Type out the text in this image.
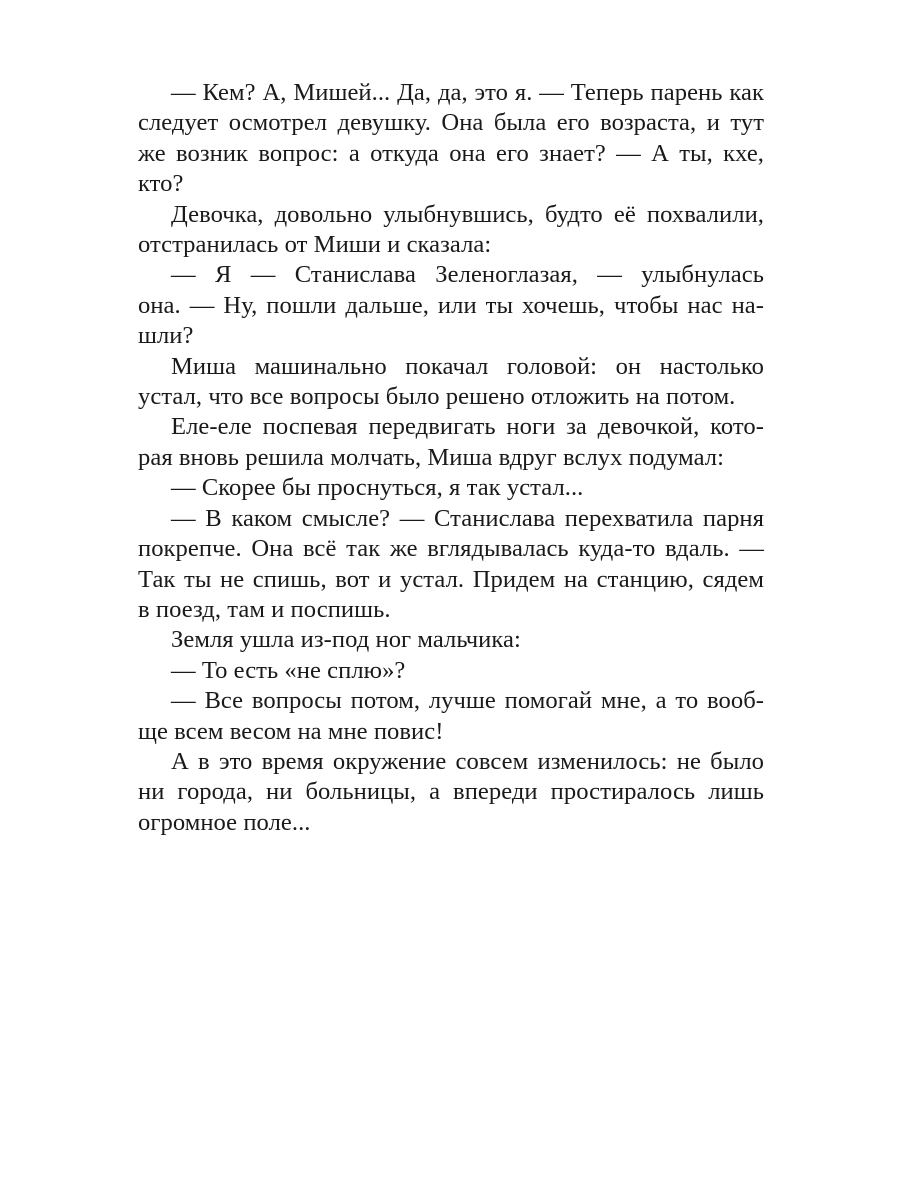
— Кем? А, Мишей... Да, да, это я. — Теперь парень как
следует осмотрел девушку. Она была его возраста, и тут
же возник вопрос: а откуда она его знает? — А ты, кхе,
кто?
Девочка, довольно улыбнувшись, будто её похвалили,
отстранилась от Миши и сказала:
— Я — Станислава Зеленоглазая, — улыбнулась
она. — Ну, пошли дальше, или ты хочешь, чтобы нас на-
шли?
Миша машинально покачал головой: он настолько
устал, что все вопросы было решено отложить на потом.
Еле-еле поспевая передвигать ноги за девочкой, кото-
рая вновь решила молчать, Миша вдруг вслух подумал:
— Скорее бы проснуться, я так устал...
— В каком смысле? — Станислава перехватила парня
покрепче. Она всё так же вглядывалась куда-то вдаль. —
Так ты не спишь, вот и устал. Придем на станцию, сядем
в поезд, там и поспишь.
Земля ушла из-под ног мальчика:
— То есть «не сплю»?
— Все вопросы потом, лучше помогай мне, а то вооб-
ще всем весом на мне повис!
А в это время окружение совсем изменилось: не было
ни города, ни больницы, а впереди простиралось лишь
огромное поле...
